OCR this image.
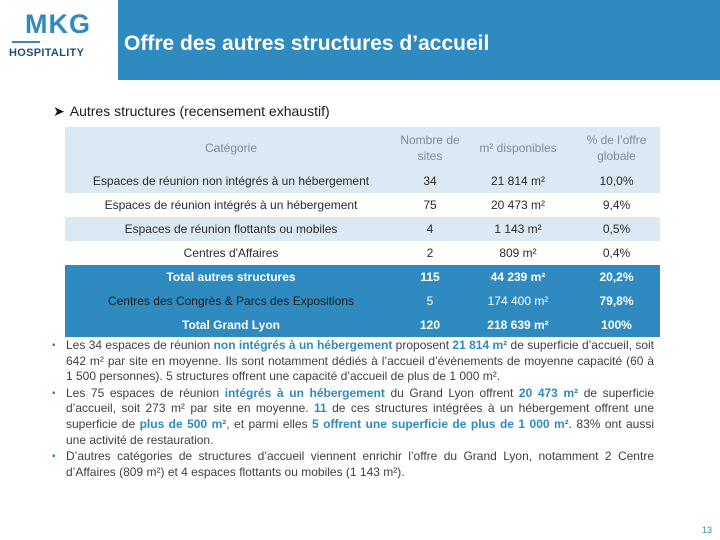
MKG
HOSPITALITY Offre des autres structures d’accueil
➤ Autres structures (recensement exhaustif)
Catégorie	Nombre de sites	m² disponibles	% de l’offre globale
Espaces de réunion non intégrés à un hébergement	34	21 814 m²	10,0%
Espaces de réunion intégrés à un hébergement	75	20 473 m²	9,4%
Espaces de réunion flottants ou mobiles	4	1 143 m²	0,5%
Centres d'Affaires	2	809 m²	0,4%
Total autres structures	115	44 239 m²	20,2%
Centres des Congrès & Parcs des Expositions	5	174 400 m²	79,8%
Total Grand Lyon	120	218 639 m²	100%
▪ Les 34 espaces de réunion non intégrés à un hébergement proposent 21 814 m² de superficie d’accueil, soit 642 m² par site en moyenne. Ils sont notamment dédiés à l’accueil d’évènements de moyenne capacité (60 à 1 500 personnes). 5 structures offrent une capacité d’accueil de plus de 1 000 m².
▪ Les 75 espaces de réunion intégrés à un hébergement du Grand Lyon offrent 20 473 m² de superficie d’accueil, soit 273 m² par site en moyenne. 11 de ces structures intégrées à un hébergement offrent une superficie de plus de 500 m², et parmi elles 5 offrent une superficie de plus de 1 000 m². 83% ont aussi une activité de restauration.
▪ D’autres catégories de structures d’accueil viennent enrichir l’offre du Grand Lyon, notamment 2 Centre d’Affaires (809 m²) et 4 espaces flottants ou mobiles (1 143 m²).
13
